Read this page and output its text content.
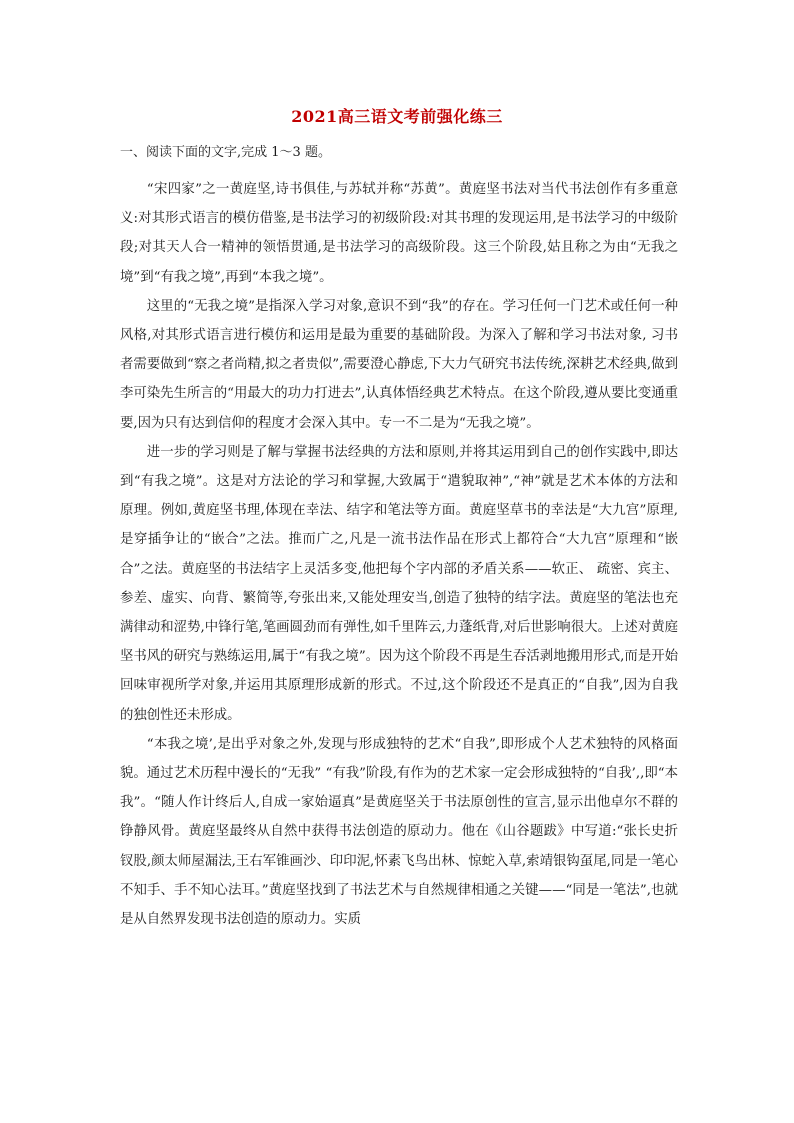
2021高三语文考前强化练三
一、阅读下面的文字,完成 1～3 题。

“宋四家”之一黄庭坚,诗书俱佳,与苏轼并称“苏黄”。黄庭坚书法对当代书法创作有多重意义:对其形式语言的模仿借鉴,是书法学习的初级阶段:对其书理的发现运用,是书法学习的中级阶段;对其天人合一精神的领悟贯通,是书法学习的高级阶段。这三个阶段,姑且称之为由“无我之境”到“有我之境”,再到“本我之境”。

这里的“无我之境”是指深入学习对象,意识不到“我”的存在。学习任何一门艺术或任何一种风格,对其形式语言进行模仿和运用是最为重要的基础阶段。为深入了解和学习书法对象, 习书者需要做到“察之者尚精,拟之者贵似”,需要澄心静虑,下大力气研究书法传统,深耕艺术经典,做到李可染先生所言的“用最大的功力打进去”,认真体悟经典艺术特点。在这个阶段,遵从要比变通重要,因为只有达到信仰的程度才会深入其中。专一不二是为“无我之境”。

进一步的学习则是了解与掌握书法经典的方法和原则,并将其运用到自己的创作实践中,即达到“有我之境”。这是对方法论的学习和掌握,大致属于“遣貌取神”,“神”就是艺术本体的方法和原理。例如,黄庭坚书理,体现在幸法、结字和笔法等方面。黄庭坚草书的幸法是“大九宫”原理,是穿插争让的“嵌合”之法。推而广之,凡是一流书法作品在形式上都符合“大九宫”原理和“嵌合”之法。黄庭坚的书法结字上灵活多变,他把每个字内部的矛盾关系——软正、 疏密、宾主、参差、虚实、向背、繁简等,夸张出来,又能处理安当,创造了独特的结字法。黄庭坚的笔法也充满律动和涩势,中锋行笔,笔画圆劲而有弹性,如千里阵云,力蓬纸背,对后世影响很大。上述对黄庭坚书风的研究与熟练运用,属于“有我之境”。因为这个阶段不再是生吞活剥地搬用形式,而是开始回味审视所学对象,并运用其原理形成新的形式。不过,这个阶段还不是真正的“自我”,因为自我的独创性还未形成。

“本我之境’,是出乎对象之外,发现与形成独特的艺术“自我”,即形成个人艺术独特的风格面貌。通过艺术历程中漫长的“无我” “有我”阶段,有作为的艺术家一定会形成独特的“自我’,,即“本我”。“随人作计终后人,自成一家始逼真”是黄庭坚关于书法原创性的宣言,显示出他卓尔不群的铮静风骨。黄庭坚最终从自然中获得书法创造的原动力。他在《山谷题跋》中写道:“张长史折钗股,颜太师屋漏法,王右军锥画沙、印印泥,怀素飞鸟出林、惊蛇入草,索靖银钩虿尾,同是一笔心不知手、手不知心法耳。”黄庭坚找到了书法艺术与自然规律相通之关键——“同是一笔法”,也就是从自然界发现书法创造的原动力。实质
